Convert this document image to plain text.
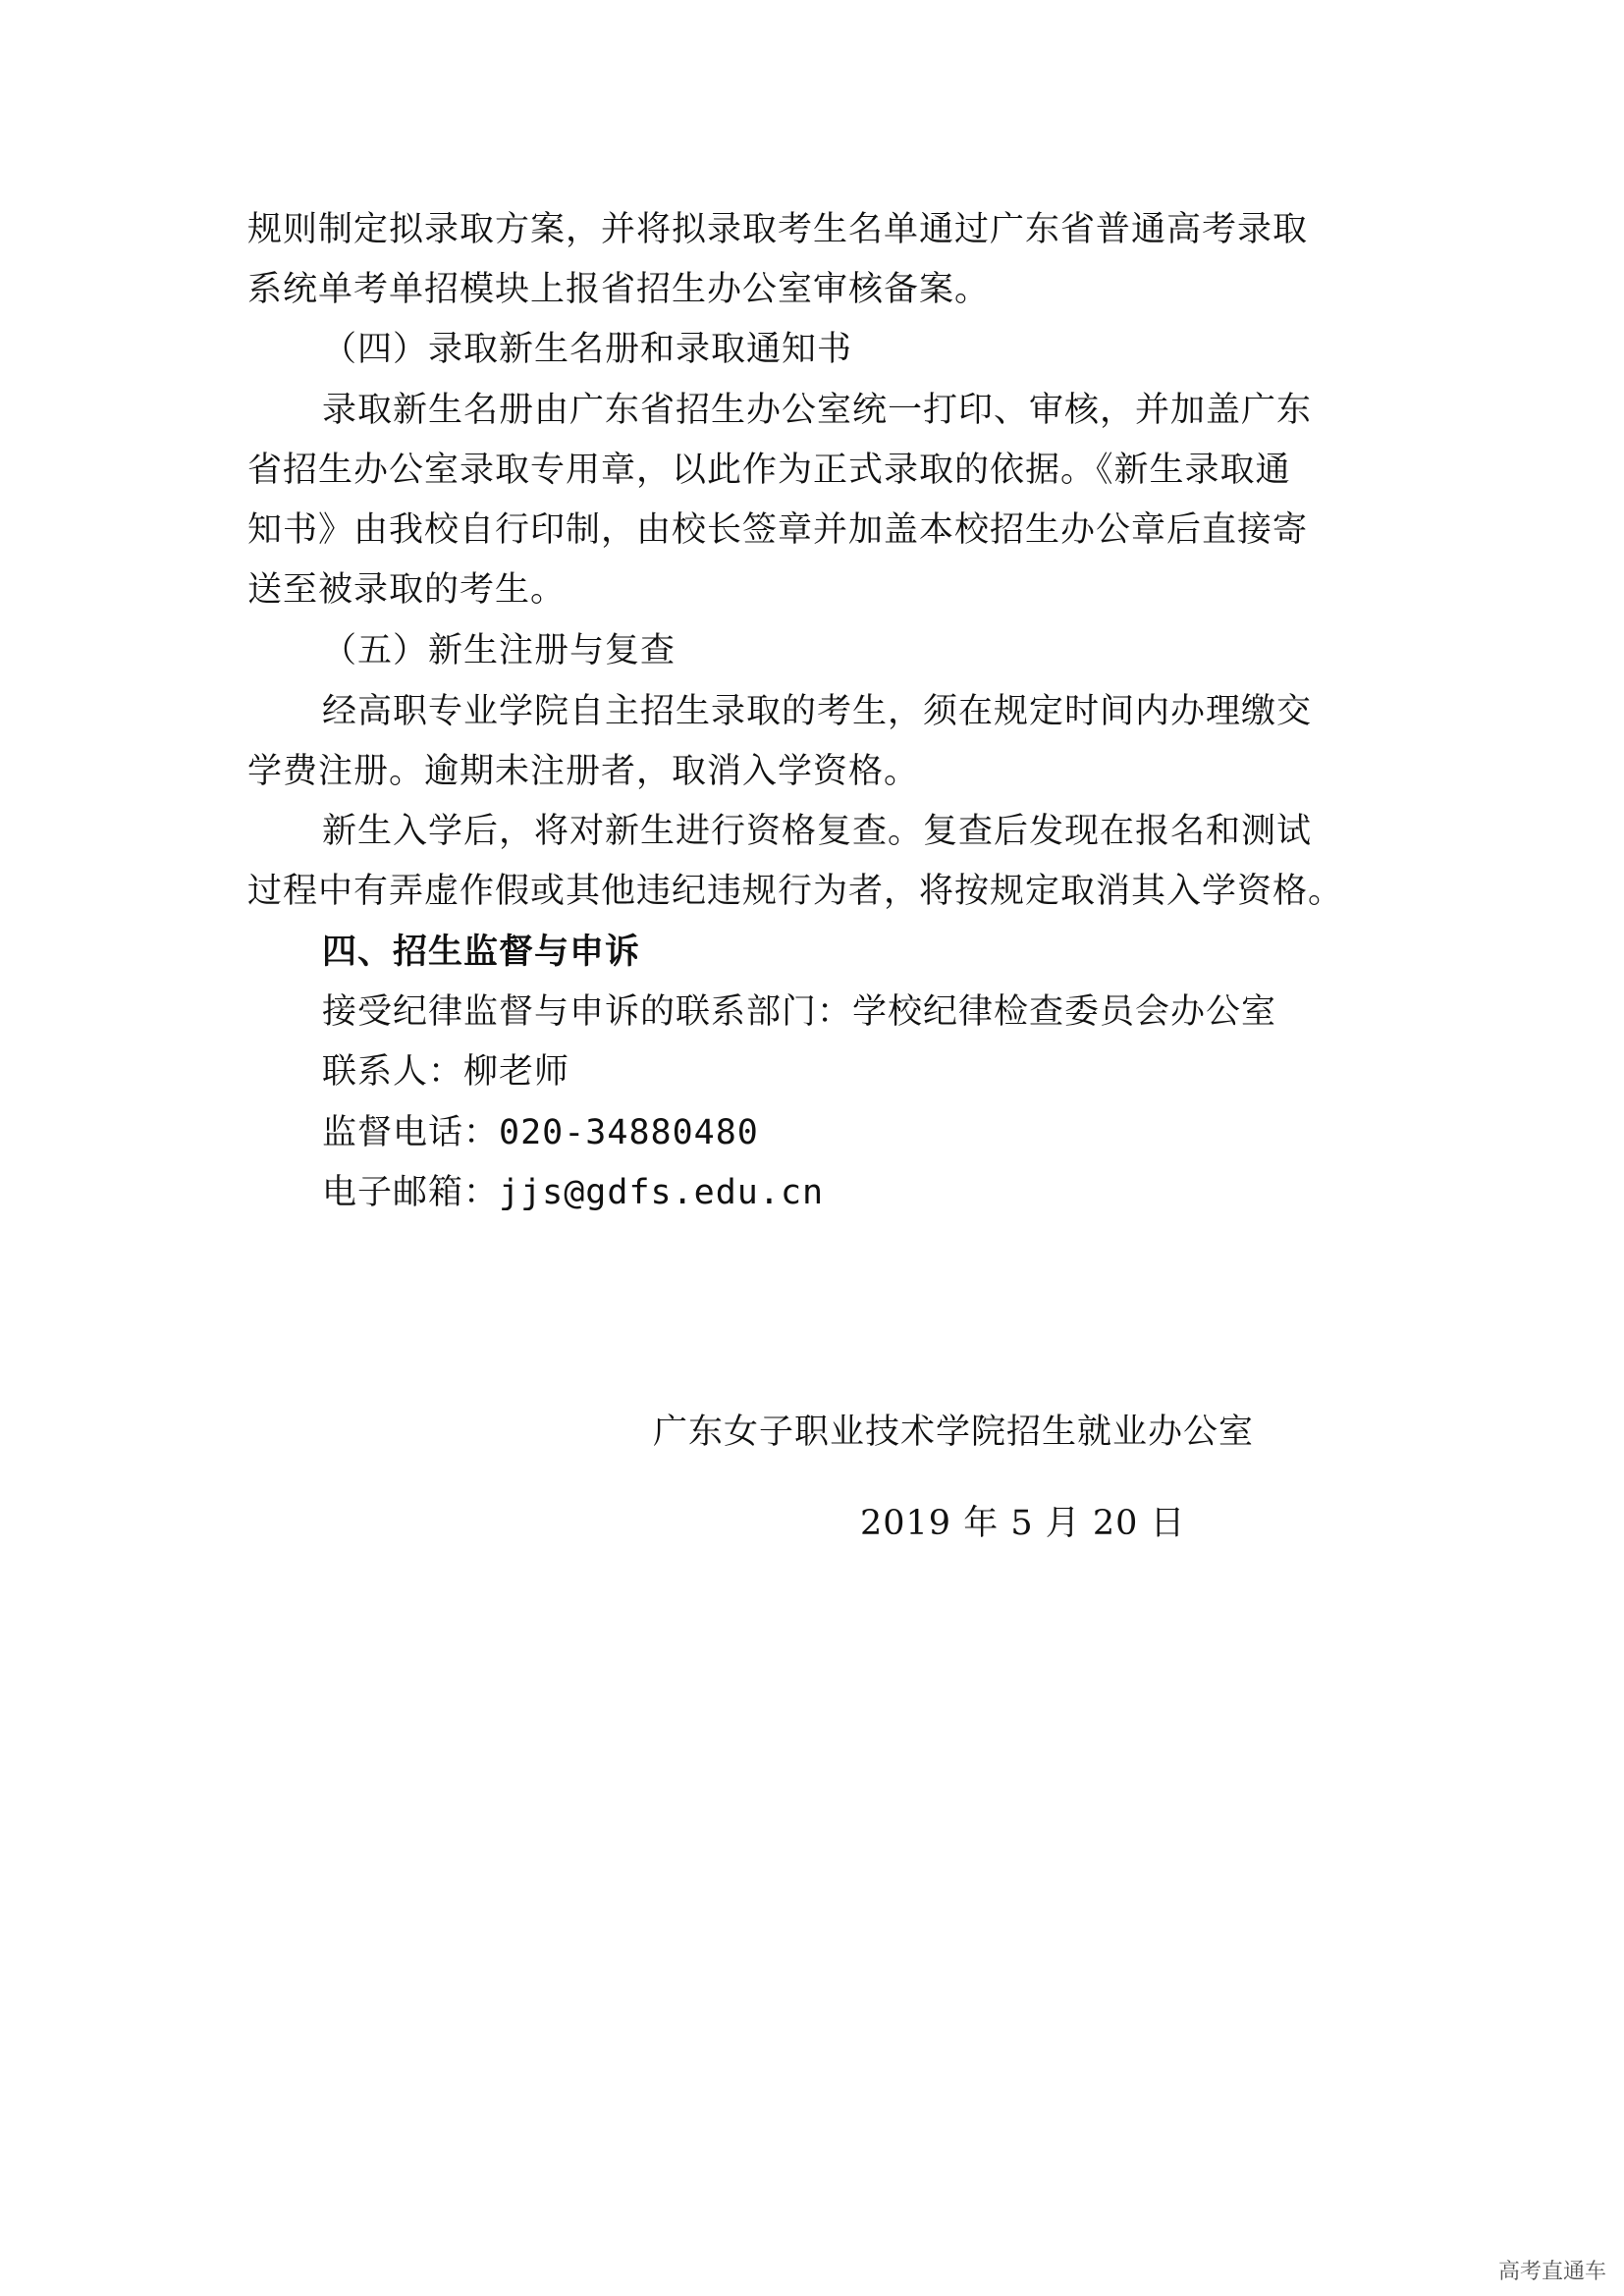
规则制定拟录取方案，并将拟录取考生名单通过广东省普通高考录取
系统单考单招模块上报省招生办公室审核备案。
（四）录取新生名册和录取通知书
录取新生名册由广东省招生办公室统一打印、审核，并加盖广东
省招生办公室录取专用章，以此作为正式录取的依据。《新生录取通
知书》由我校自行印制，由校长签章并加盖本校招生办公章后直接寄
送至被录取的考生。
（五）新生注册与复查
经高职专业学院自主招生录取的考生，须在规定时间内办理缴交
学费注册。逾期未注册者，取消入学资格。
新生入学后，将对新生进行资格复查。复查后发现在报名和测试
过程中有弄虚作假或其他违纪违规行为者，将按规定取消其入学资格。
四、招生监督与申诉
接受纪律监督与申诉的联系部门：学校纪律检查委员会办公室
联系人：柳老师
监督电话：020-34880480
电子邮箱：jjs@gdfs.edu.cn
广东女子职业技术学院招生就业办公室
2019 年 5 月 20 日
高考直通车
